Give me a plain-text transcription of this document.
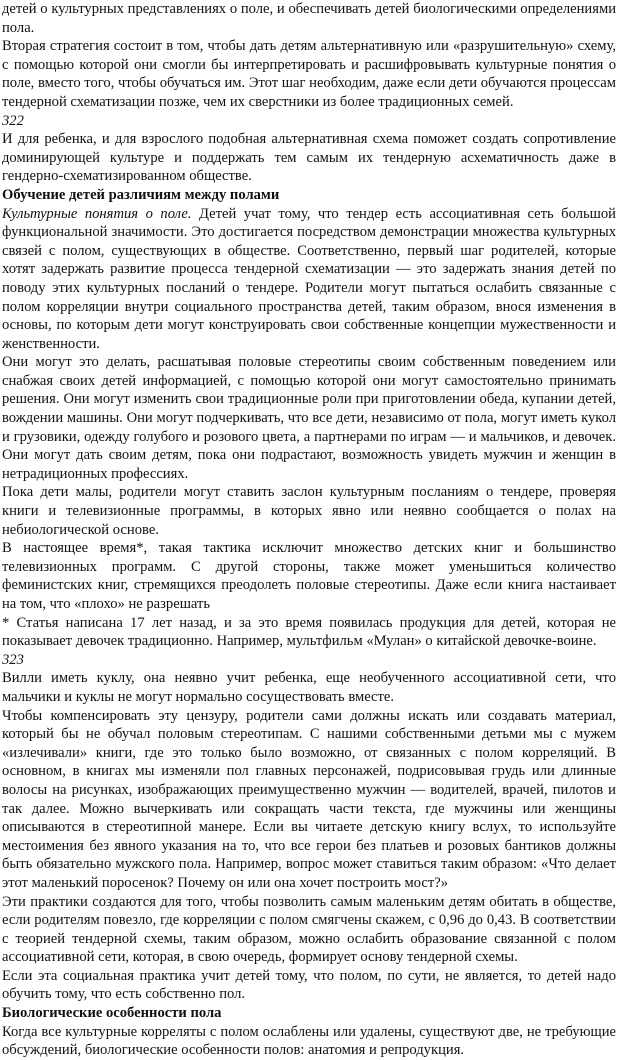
детей о культурных представлениях о поле, и обеспечивать детей биологическими определениями пола.

Вторая стратегия состоит в том, чтобы дать детям альтернативную или «разрушительную» схему, с помощью которой они смогли бы интерпретировать и расшифровывать культурные понятия о поле, вместо того, чтобы обучаться им. Этот шаг необходим, даже если дети обучаются процессам тендерной схематизации позже, чем их сверстники из более традиционных семей.

322

И для ребенка, и для взрослого подобная альтернативная схема поможет создать сопротивление доминирующей культуре и поддержать тем самым их тендерную асхематичность даже в гендерно-схематизированном обществе.

Обучение детей различиям между полами

Культурные понятия о поле. Детей учат тому, что тендер есть ассоциативная сеть большой функциональной значимости. Это достигается посредством демонстрации множества культурных связей с полом, существующих в обществе. Соответственно, первый шаг родителей, которые хотят задержать развитие процесса тендерной схематизации — это задержать знания детей по поводу этих культурных посланий о тендере. Родители могут пытаться ослабить связанные с полом корреляции внутри социального пространства детей, таким образом, внося изменения в основы, по которым дети могут конструировать свои собственные концепции мужественности и женственности.

Они могут это делать, расшатывая половые стереотипы своим собственным поведением или снабжая своих детей информацией, с помощью которой они могут самостоятельно принимать решения. Они могут изменить свои традиционные роли при приготовлении обеда, купании детей, вождении машины. Они могут подчеркивать, что все дети, независимо от пола, могут иметь кукол и грузовики, одежду голубого и розового цвета, а партнерами по играм — и мальчиков, и девочек. Они могут дать своим детям, пока они подрастают, возможность увидеть мужчин и женщин в нетрадиционных профессиях.

Пока дети малы, родители могут ставить заслон культурным посланиям о тендере, проверяя книги и телевизионные программы, в которых явно или неявно сообщается о полах на небиологической основе.

В настоящее время*, такая тактика исключит множество детских книг и большинство телевизионных программ. С другой стороны, также может уменьшиться количество феминистских книг, стремящихся преодолеть половые стереотипы. Даже если книга настаивает на том, что «плохо» не разрешать

* Статья написана 17 лет назад, и за это время появилась продукция для детей, которая не показывает девочек традиционно. Например, мультфильм «Мулан» о китайской девочке-воине.

323

Вилли иметь куклу, она неявно учит ребенка, еще необученного ассоциативной сети, что мальчики и куклы не могут нормально сосуществовать вместе.

Чтобы компенсировать эту цензуру, родители сами должны искать или создавать материал, который бы не обучал половым стереотипам. С нашими собственными детьми мы с мужем «излечивали» книги, где это только было возможно, от связанных с полом корреляций. В основном, в книгах мы изменяли пол главных персонажей, подрисовывая грудь или длинные волосы на рисунках, изображающих преимущественно мужчин — водителей, врачей, пилотов и так далее. Можно вычеркивать или сокращать части текста, где мужчины или женщины описываются в стереотипной манере. Если вы читаете детскую книгу вслух, то используйте местоимения без явного указания на то, что все герои без платьев и розовых бантиков должны быть обязательно мужского пола. Например, вопрос может ставиться таким образом: «Что делает этот маленький поросенок? Почему он или она хочет построить мост?»

Эти практики создаются для того, чтобы позволить самым маленьким детям обитать в обществе, если родителям повезло, где корреляции с полом смягчены скажем, с 0,96 до 0,43. В соответствии с теорией тендерной схемы, таким образом, можно ослабить образование связанной с полом ассоциативной сети, которая, в свою очередь, формирует основу тендерной схемы.

Если эта социальная практика учит детей тому, что полом, по сути, не является, то детей надо обучить тому, что есть собственно пол.

Биологические особенности пола

Когда все культурные корреляты с полом ослаблены или удалены, существуют две, не требующие обсуждений, биологические особенности полов: анатомия и репродукция.
